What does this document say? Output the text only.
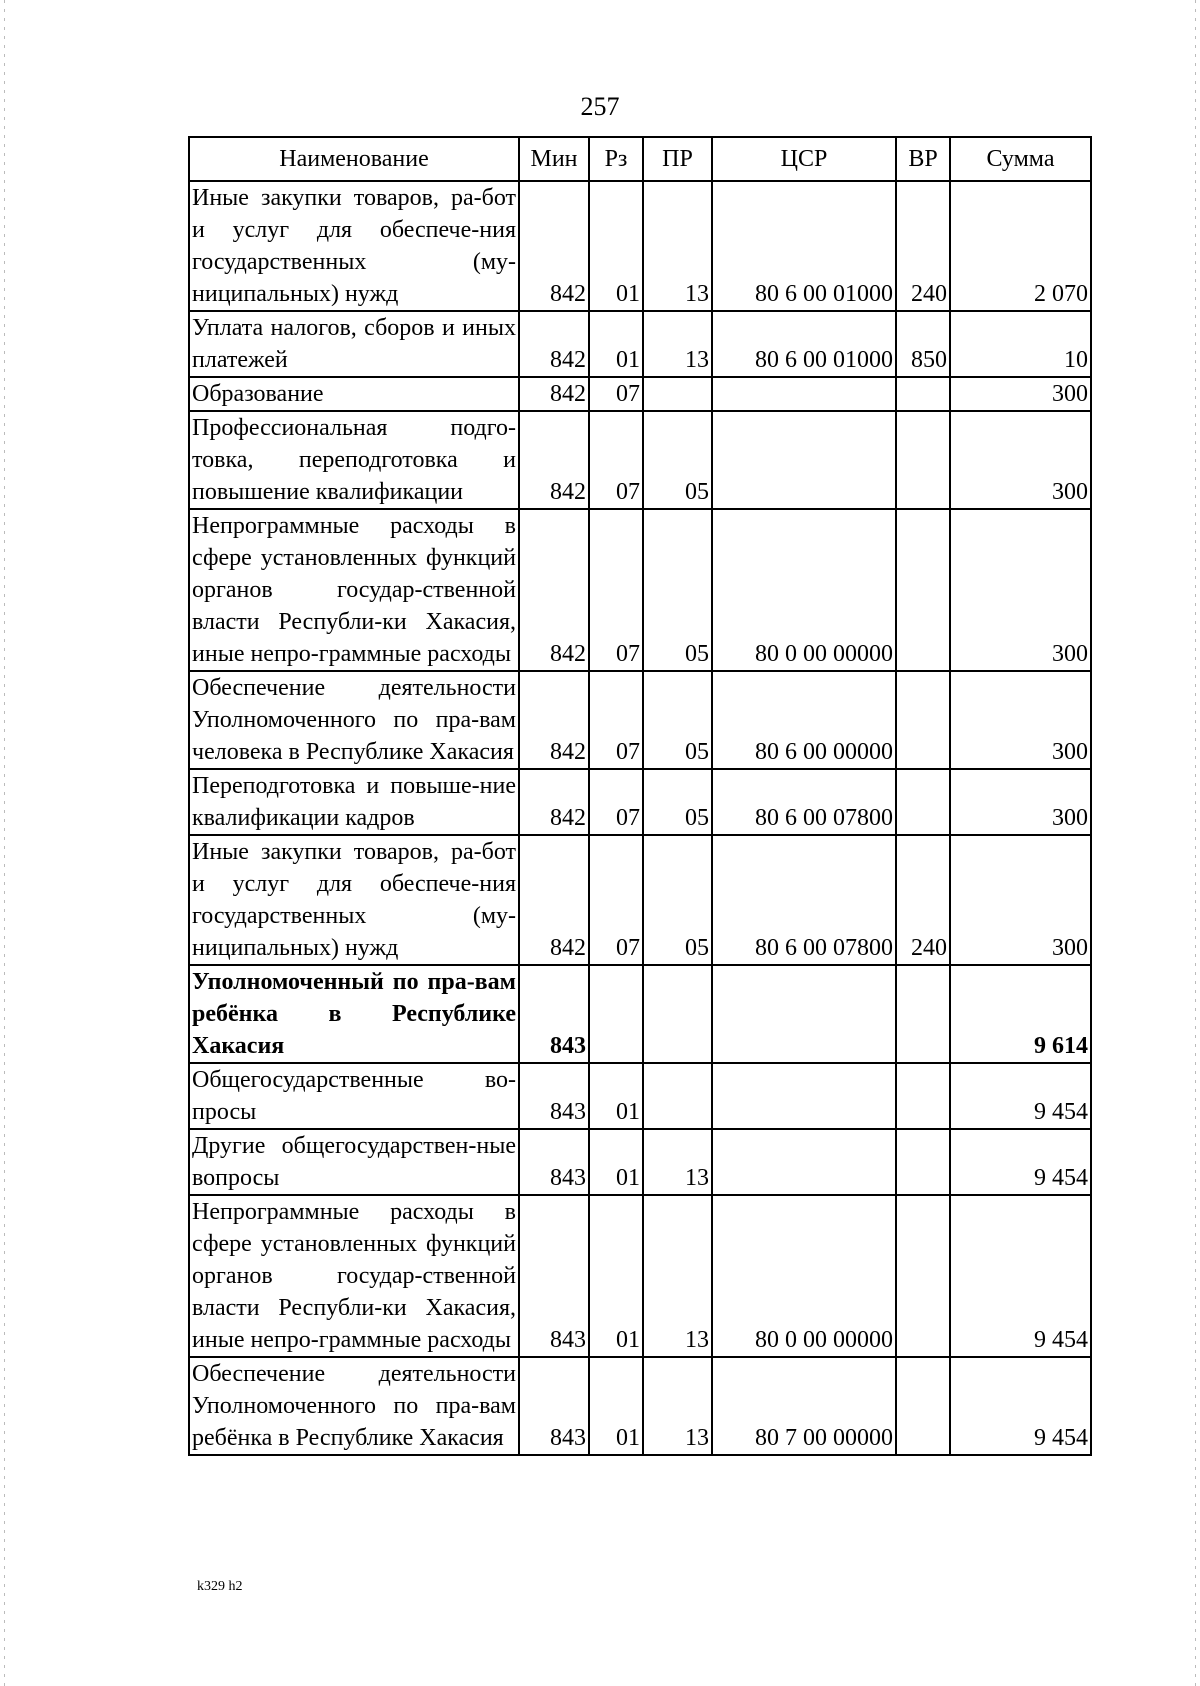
257
Наименование	Мин	Рз	ПР	ЦСР	ВР	Сумма
Иные закупки товаров, ра-бот и услуг для обеспече-ния государственных (му-ниципальных) нужд	842	01	13	80 6 00 01000	240	2 070
Уплата налогов, сборов и иных платежей	842	01	13	80 6 00 01000	850	10
Образование	842	07				300
Профессиональная подго-товка, переподготовка и повышение квалификации	842	07	05			300
Непрограммные расходы в сфере установленных функций органов государ-ственной власти Республи-ки Хакасия, иные непро-граммные расходы	842	07	05	80 0 00 00000		300
Обеспечение деятельности Уполномоченного по пра-вам человека в Республике Хакасия	842	07	05	80 6 00 00000		300
Переподготовка и повыше-ние квалификации кадров	842	07	05	80 6 00 07800		300
Иные закупки товаров, ра-бот и услуг для обеспече-ния государственных (му-ниципальных) нужд	842	07	05	80 6 00 07800	240	300
Уполномоченный по пра-вам ребёнка в Республике Хакасия	843					9 614
Общегосударственные во-просы	843	01				9 454
Другие общегосударствен-ные вопросы	843	01	13			9 454
Непрограммные расходы в сфере установленных функций органов государ-ственной власти Республи-ки Хакасия, иные непро-граммные расходы	843	01	13	80 0 00 00000		9 454
Обеспечение деятельности Уполномоченного по пра-вам ребёнка в Республике Хакасия	843	01	13	80 7 00 00000		9 454
k329 h2
